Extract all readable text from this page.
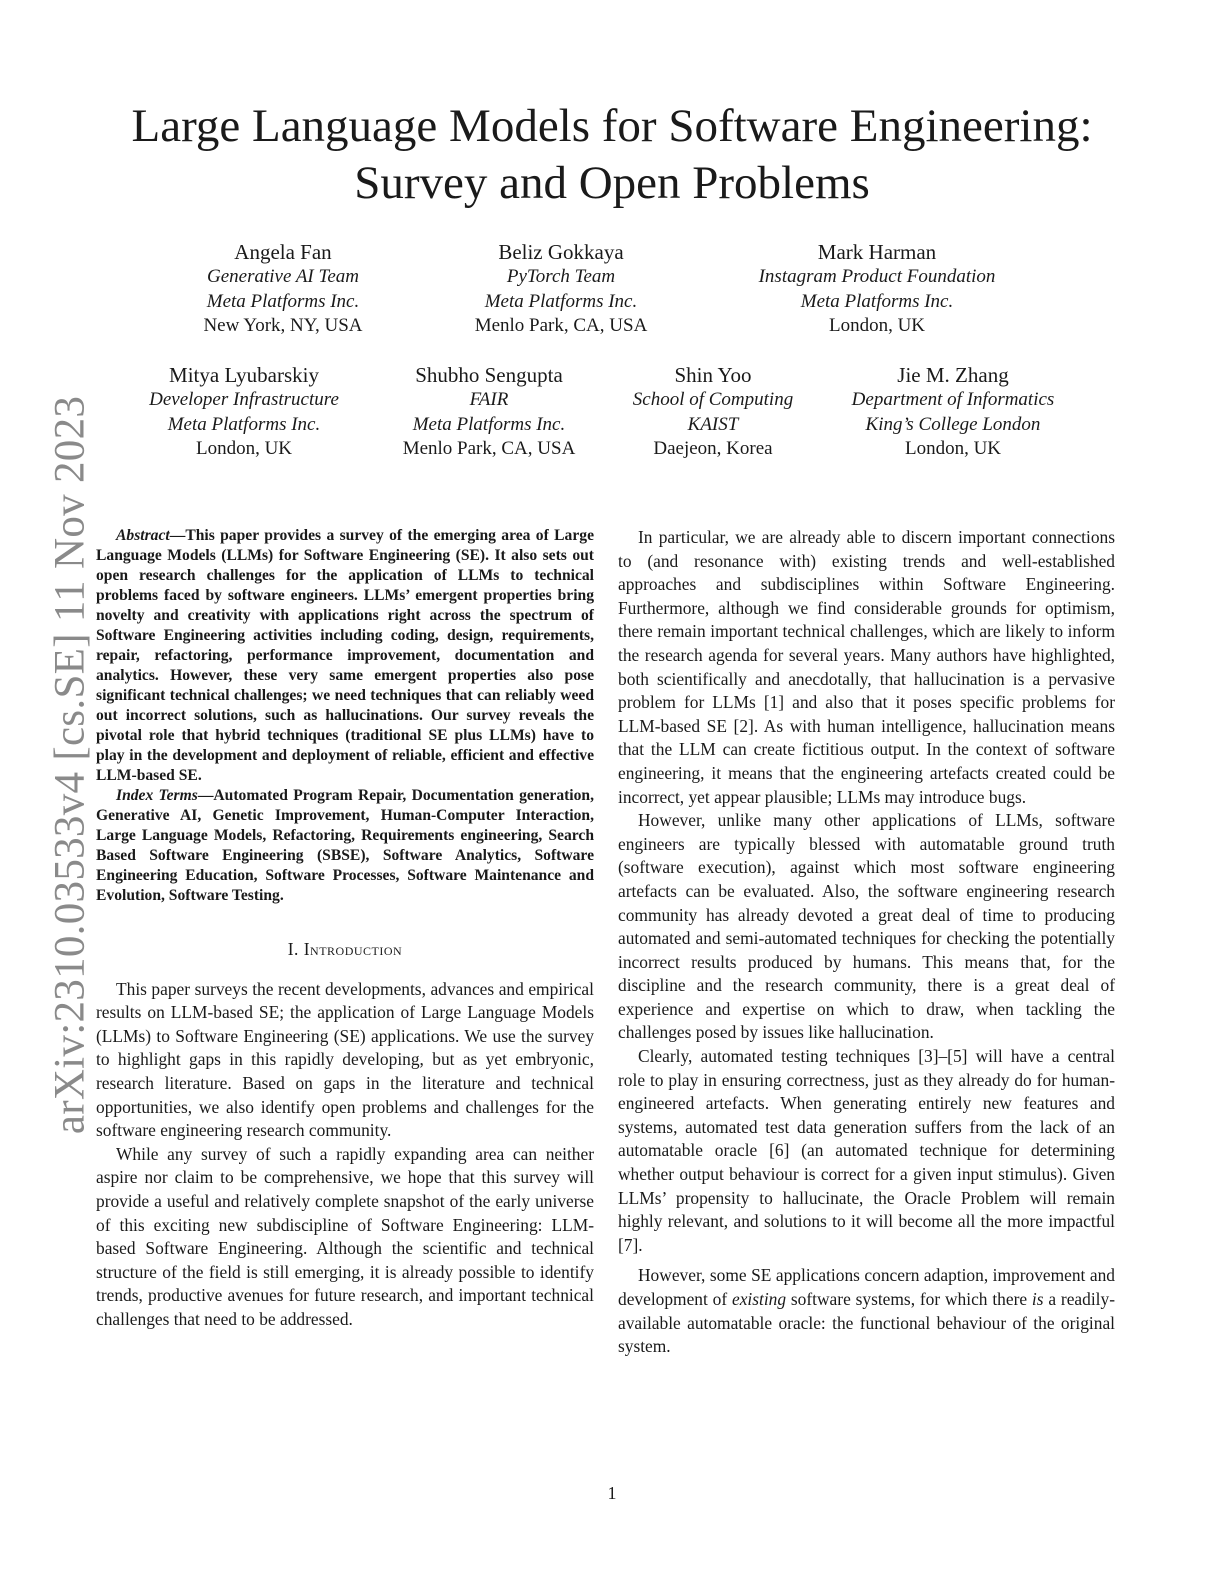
arXiv:2310.03533v4 [cs.SE] 11 Nov 2023
Large Language Models for Software Engineering:
Survey and Open Problems
Angela Fan
Generative AI Team
Meta Platforms Inc.
New York, NY, USA
Beliz Gokkaya
PyTorch Team
Meta Platforms Inc.
Menlo Park, CA, USA
Mark Harman
Instagram Product Foundation
Meta Platforms Inc.
London, UK
Mitya Lyubarskiy
Developer Infrastructure
Meta Platforms Inc.
London, UK
Shubho Sengupta
FAIR
Meta Platforms Inc.
Menlo Park, CA, USA
Shin Yoo
School of Computing
KAIST
Daejeon, Korea
Jie M. Zhang
Department of Informatics
King’s College London
London, UK

Abstract—This paper provides a survey of the emerging area of Large Language Models (LLMs) for Software Engineering (SE). It also sets out open research challenges for the application of LLMs to technical problems faced by software engineers. LLMs’ emergent properties bring novelty and creativity with applications right across the spectrum of Software Engineering activities including coding, design, requirements, repair, refactoring, performance improvement, documentation and analytics. However, these very same emergent properties also pose significant technical challenges; we need techniques that can reliably weed out incorrect solutions, such as hallucinations. Our survey reveals the pivotal role that hybrid techniques (traditional SE plus LLMs) have to play in the development and deployment of reliable, efficient and effective LLM-based SE.

Index Terms—Automated Program Repair, Documentation generation, Generative AI, Genetic Improvement, Human-Computer Interaction, Large Language Models, Refactoring, Requirements engineering, Search Based Software Engineering (SBSE), Software Analytics, Software Engineering Education, Software Processes, Software Maintenance and Evolution, Software Testing.

I. Introduction

This paper surveys the recent developments, advances and empirical results on LLM-based SE; the application of Large Language Models (LLMs) to Software Engineering (SE) applications. We use the survey to highlight gaps in this rapidly developing, but as yet embryonic, research literature. Based on gaps in the literature and technical opportunities, we also identify open problems and challenges for the software engineering research community.

While any survey of such a rapidly expanding area can neither aspire nor claim to be comprehensive, we hope that this survey will provide a useful and relatively complete snapshot of the early universe of this exciting new subdiscipline of Software Engineering: LLM-based Software Engineering. Although the scientific and technical structure of the field is still emerging, it is already possible to identify trends, productive avenues for future research, and important technical challenges that need to be addressed.

In particular, we are already able to discern important connections to (and resonance with) existing trends and well-established approaches and subdisciplines within Software Engineering. Furthermore, although we find considerable grounds for optimism, there remain important technical challenges, which are likely to inform the research agenda for several years. Many authors have highlighted, both scientifically and anecdotally, that hallucination is a pervasive problem for LLMs [1] and also that it poses specific problems for LLM-based SE [2]. As with human intelligence, hallucination means that the LLM can create fictitious output. In the context of software engineering, it means that the engineering artefacts created could be incorrect, yet appear plausible; LLMs may introduce bugs.

However, unlike many other applications of LLMs, software engineers are typically blessed with automatable ground truth (software execution), against which most software engineering artefacts can be evaluated. Also, the software engineering research community has already devoted a great deal of time to producing automated and semi-automated techniques for checking the potentially incorrect results produced by humans. This means that, for the discipline and the research community, there is a great deal of experience and expertise on which to draw, when tackling the challenges posed by issues like hallucination.

Clearly, automated testing techniques [3]–[5] will have a central role to play in ensuring correctness, just as they already do for human-engineered artefacts. When generating entirely new features and systems, automated test data generation suffers from the lack of an automatable oracle [6] (an automated technique for determining whether output behaviour is correct for a given input stimulus). Given LLMs’ propensity to hallucinate, the Oracle Problem will remain highly relevant, and solutions to it will become all the more impactful [7].

However, some SE applications concern adaption, improvement and development of existing software systems, for which there is a readily-available automatable oracle: the functional behaviour of the original system.

1
